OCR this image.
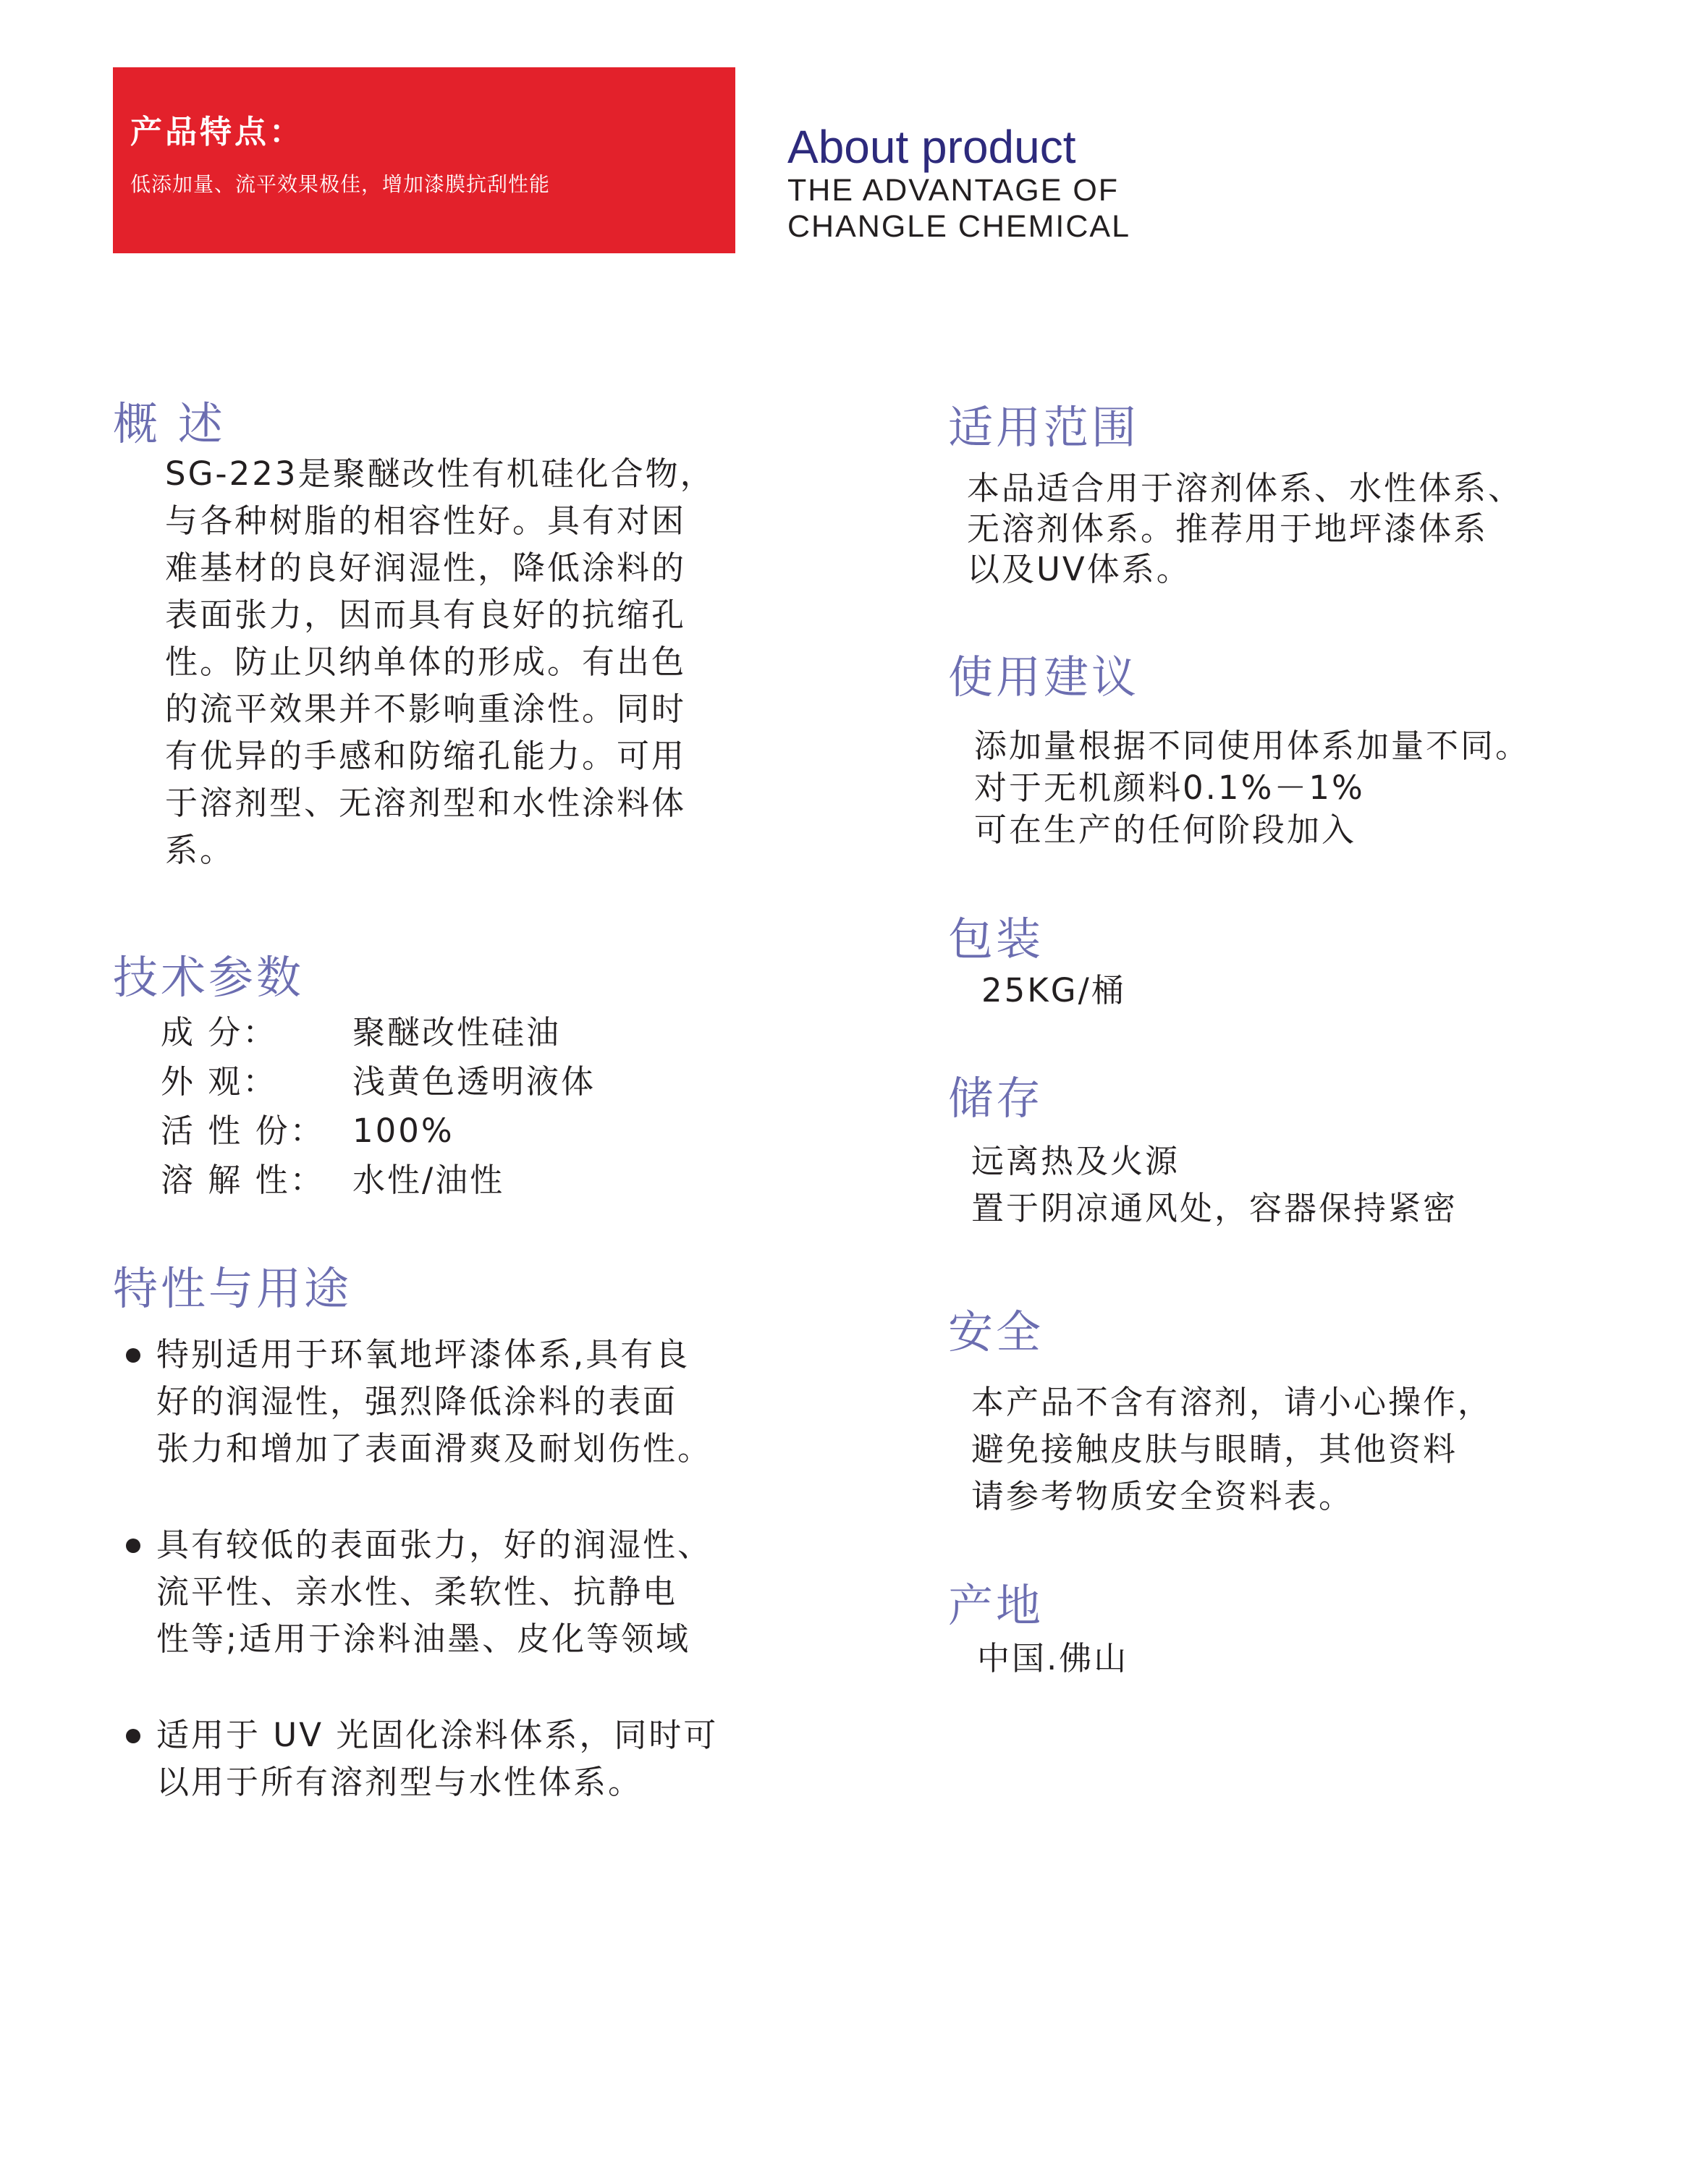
产品特点：
低添加量、流平效果极佳，增加漆膜抗刮性能
About product
THE ADVANTAGE OF
CHANGLE CHEMICAL
概 述
SG-223是聚醚改性有机硅化合物，
与各种树脂的相容性好。具有对困
难基材的良好润湿性，降低涂料的
表面张力，因而具有良好的抗缩孔
性。防止贝纳单体的形成。有出色
的流平效果并不影响重涂性。同时
有优异的手感和防缩孔能力。可用
于溶剂型、无溶剂型和水性涂料体
系。
技术参数
成 分：	聚醚改性硅油
外 观：	浅黄色透明液体
活 性 份： 100%
溶 解 性： 水性/油性
特性与用途
特别适用于环氧地坪漆体系,具有良
好的润湿性，强烈降低涂料的表面
张力和增加了表面滑爽及耐划伤性。
具有较低的表面张力，好的润湿性、
流平性、亲水性、柔软性、抗静电
性等;适用于涂料油墨、皮化等领域
适用于 UV 光固化涂料体系，同时可
以用于所有溶剂型与水性体系。
适用范围
本品适合用于溶剂体系、水性体系、
无溶剂体系。推荐用于地坪漆体系
以及UV体系。
使用建议
添加量根据不同使用体系加量不同。
对于无机颜料0.1%－1%
可在生产的任何阶段加入
包装
25KG/桶
储存
远离热及火源
置于阴凉通风处，容器保持紧密
安全
本产品不含有溶剂，请小心操作，
避免接触皮肤与眼睛，其他资料
请参考物质安全资料表。
产地
中国.佛山
